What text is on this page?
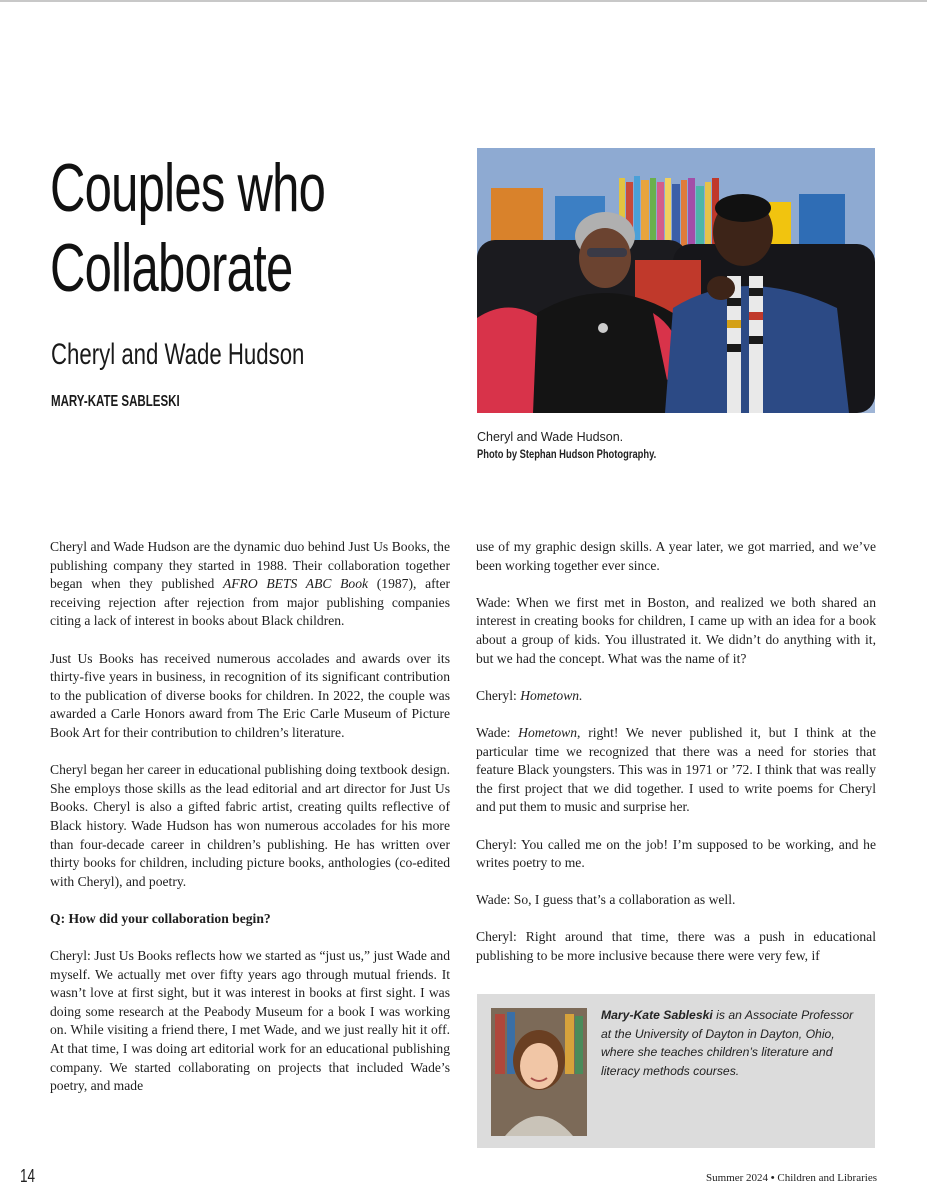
Couples who
Collaborate
Cheryl and Wade Hudson
MARY-KATE SABLESKI
Cheryl and Wade Hudson.
Photo by Stephan Hudson Photography.

Cheryl and Wade Hudson are the dynamic duo behind Just Us Books, the publishing company they started in 1988. Their collaboration together began when they published AFRO BETS ABC Book (1987), after receiving rejection after rejection from major publishing companies citing a lack of interest in books about Black children.

Just Us Books has received numerous accolades and awards over its thirty-five years in business, in recognition of its significant contribution to the publication of diverse books for children. In 2022, the couple was awarded a Carle Honors award from The Eric Carle Museum of Picture Book Art for their contribution to children’s literature.

Cheryl began her career in educational publishing doing textbook design. She employs those skills as the lead editorial and art director for Just Us Books. Cheryl is also a gifted fabric artist, creating quilts reflective of Black history. Wade Hudson has won numerous accolades for his more than four-decade career in children’s publishing. He has written over thirty books for children, including picture books, anthologies (co-edited with Cheryl), and poetry.

Q: How did your collaboration begin?

Cheryl: Just Us Books reflects how we started as “just us,” just Wade and myself. We actually met over fifty years ago through mutual friends. It wasn’t love at first sight, but it was interest in books at first sight. I was doing some research at the Peabody Museum for a book I was working on. While visiting a friend there, I met Wade, and we just really hit it off. At that time, I was doing art editorial work for an educational publishing company. We started collaborating on projects that included Wade’s poetry, and made

use of my graphic design skills. A year later, we got married, and we’ve been working together ever since.

Wade: When we first met in Boston, and realized we both shared an interest in creating books for children, I came up with an idea for a book about a group of kids. You illustrated it. We didn’t do anything with it, but we had the concept. What was the name of it?

Cheryl: Hometown.

Wade: Hometown, right! We never published it, but I think at the particular time we recognized that there was a need for stories that feature Black youngsters. This was in 1971 or ’72. I think that was really the first project that we did together. I used to write poems for Cheryl and put them to music and surprise her.

Cheryl: You called me on the job! I’m supposed to be working, and he writes poetry to me.

Wade: So, I guess that’s a collaboration as well.

Cheryl: Right around that time, there was a push in educational publishing to be more inclusive because there were very few, if

Mary-Kate Sableski is an Associate Professor at the University of Dayton in Dayton, Ohio, where she teaches children’s literature and literacy methods courses.
14	Summer 2024 • Children and Libraries
